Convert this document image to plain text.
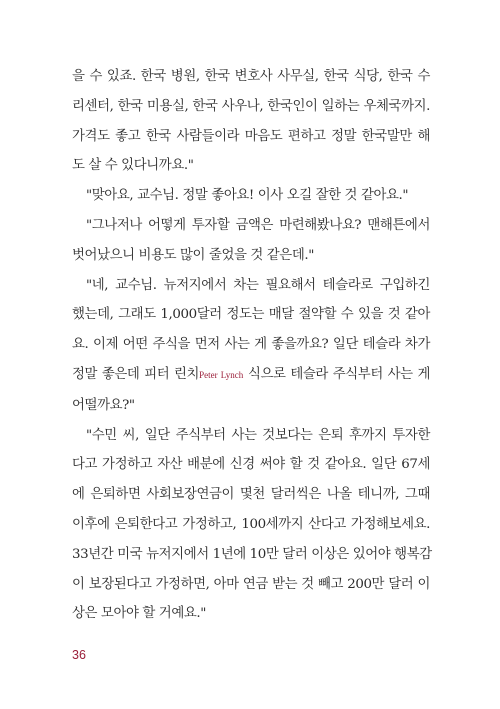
을 수 있죠. 한국 병원, 한국 변호사 사무실, 한국 식당, 한국 수
리센터, 한국 미용실, 한국 사우나, 한국인이 일하는 우체국까지.
가격도 좋고 한국 사람들이라 마음도 편하고 정말 한국말만 해
도 살 수 있다니까요."
"맞아요, 교수님. 정말 좋아요! 이사 오길 잘한 것 같아요."
"그나저나 어떻게 투자할 금액은 마련해봤나요? 맨해튼에서
벗어났으니 비용도 많이 줄었을 것 같은데."
"네, 교수님. 뉴저지에서 차는 필요해서 테슬라로 구입하긴
했는데, 그래도 1,000달러 정도는 매달 절약할 수 있을 것 같아
요. 이제 어떤 주식을 먼저 사는 게 좋을까요? 일단 테슬라 차가
정말 좋은데 피터 린치Peter Lynch 식으로 테슬라 주식부터 사는 게
어떨까요?"
"수민 씨, 일단 주식부터 사는 것보다는 은퇴 후까지 투자한
다고 가정하고 자산 배분에 신경 써야 할 것 같아요. 일단 67세
에 은퇴하면 사회보장연금이 몇천 달러씩은 나올 테니까, 그때
이후에 은퇴한다고 가정하고, 100세까지 산다고 가정해보세요.
33년간 미국 뉴저지에서 1년에 10만 달러 이상은 있어야 행복감
이 보장된다고 가정하면, 아마 연금 받는 것 빼고 200만 달러 이
상은 모아야 할 거예요."
36
